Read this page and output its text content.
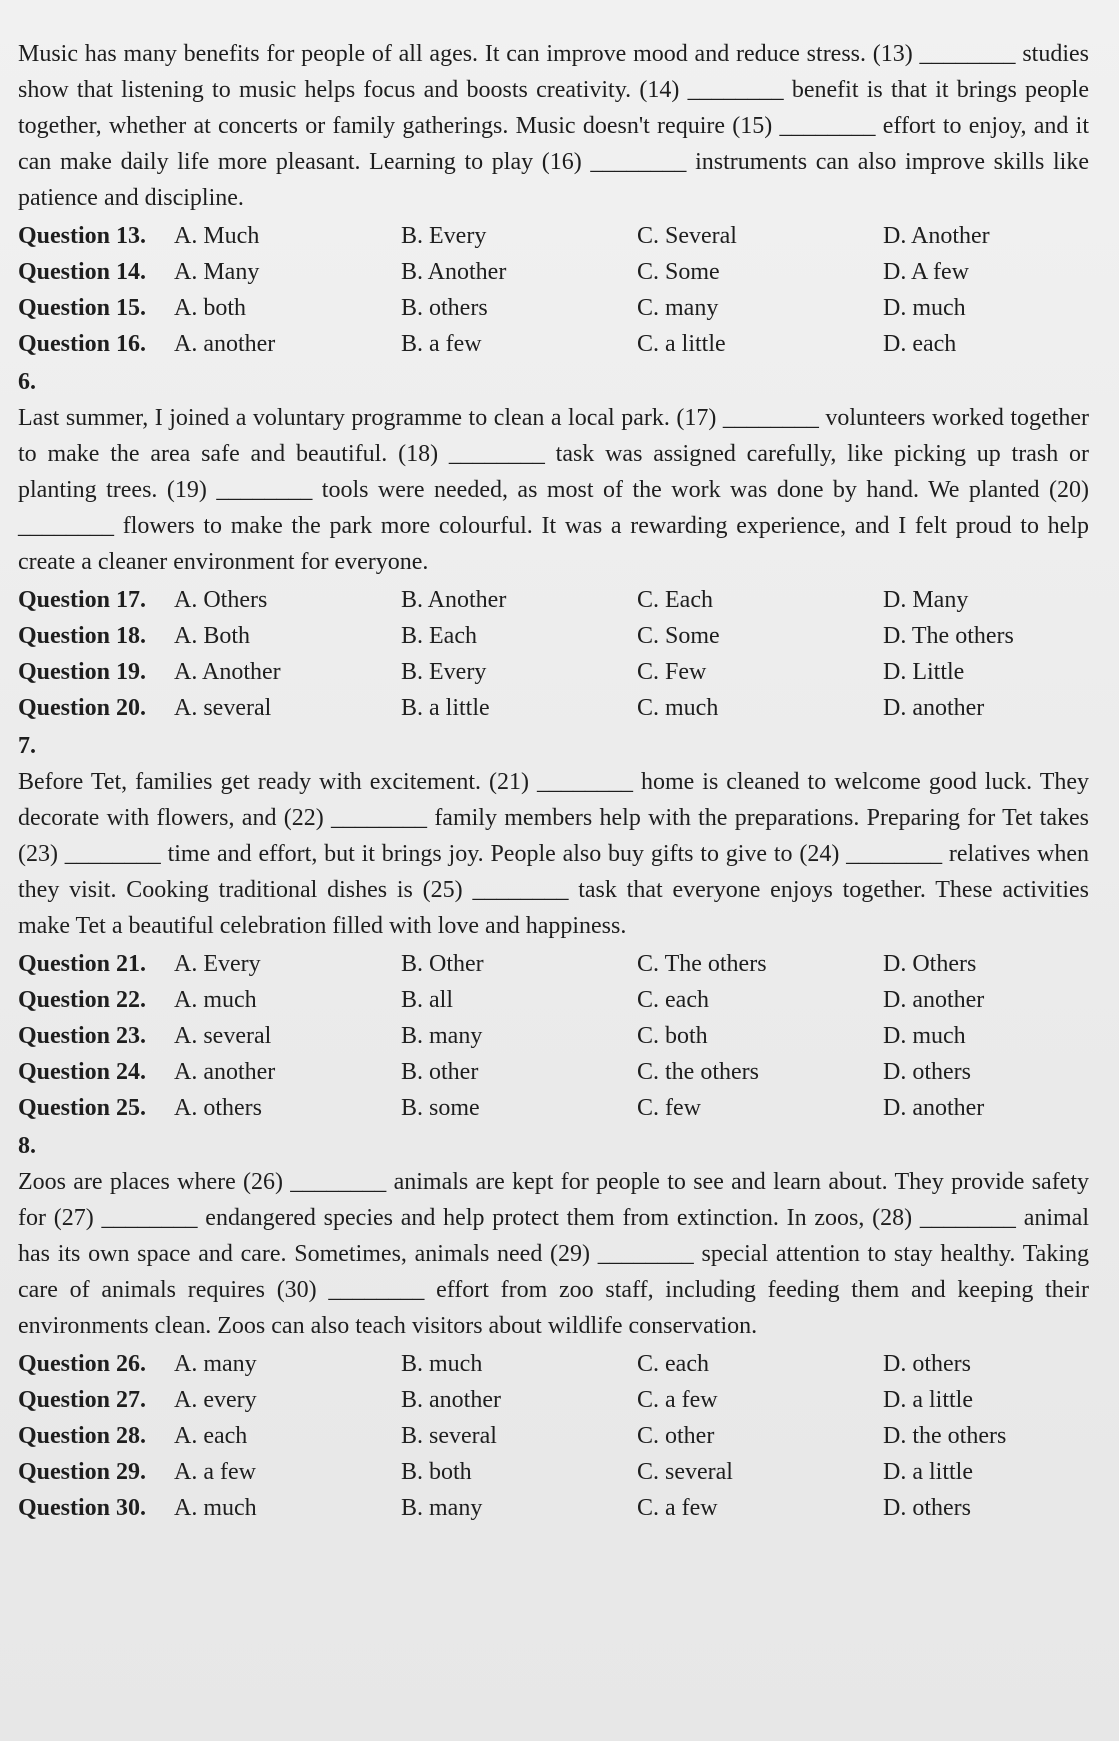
Music has many benefits for people of all ages. It can improve mood and reduce stress. (13) ________ studies show that listening to music helps focus and boosts creativity. (14) ________ benefit is that it brings people together, whether at concerts or family gatherings. Music doesn't require (15) ________ effort to enjoy, and it can make daily life more pleasant. Learning to play (16) ________ instruments can also improve skills like patience and discipline.

Question 13.	A. Much	B. Every	C. Several	D. Another
Question 14.	A. Many	B. Another	C. Some	D. A few
Question 15.	A. both	B. others	C. many	D. much
Question 16.	A. another	B. a few	C. a little	D. each
6.

Last summer, I joined a voluntary programme to clean a local park. (17) ________ volunteers worked together to make the area safe and beautiful. (18) ________ task was assigned carefully, like picking up trash or planting trees. (19) ________ tools were needed, as most of the work was done by hand. We planted (20) ________ flowers to make the park more colourful. It was a rewarding experience, and I felt proud to help create a cleaner environment for everyone.

Question 17.	A. Others	B. Another	C. Each	D. Many
Question 18.	A. Both	B. Each	C. Some	D. The others
Question 19.	A. Another	B. Every	C. Few	D. Little
Question 20.	A. several	B. a little	C. much	D. another
7.

Before Tet, families get ready with excitement. (21) ________ home is cleaned to welcome good luck. They decorate with flowers, and (22) ________ family members help with the preparations. Preparing for Tet takes (23) ________ time and effort, but it brings joy. People also buy gifts to give to (24) ________ relatives when they visit. Cooking traditional dishes is (25) ________ task that everyone enjoys together. These activities make Tet a beautiful celebration filled with love and happiness.

Question 21.	A. Every	B. Other	C. The others	D. Others
Question 22.	A. much	B. all	C. each	D. another
Question 23.	A. several	B. many	C. both	D. much
Question 24.	A. another	B. other	C. the others	D. others
Question 25.	A. others	B. some	C. few	D. another
8.

Zoos are places where (26) ________ animals are kept for people to see and learn about. They provide safety for (27) ________ endangered species and help protect them from extinction. In zoos, (28) ________ animal has its own space and care. Sometimes, animals need (29) ________ special attention to stay healthy. Taking care of animals requires (30) ________ effort from zoo staff, including feeding them and keeping their environments clean. Zoos can also teach visitors about wildlife conservation.

Question 26.	A. many	B. much	C. each	D. others
Question 27.	A. every	B. another	C. a few	D. a little
Question 28.	A. each	B. several	C. other	D. the others
Question 29.	A. a few	B. both	C. several	D. a little
Question 30.	A. much	B. many	C. a few	D. others
